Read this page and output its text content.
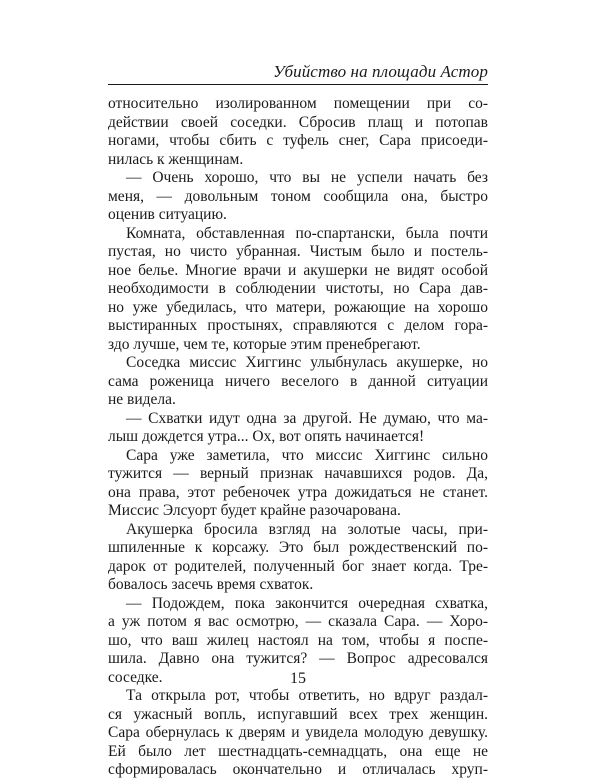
Убийство на площади Астор
относительно изолированном помещении при со-
действии своей соседки. Сбросив плащ и потопав
ногами, чтобы сбить с туфель снег, Сара присоеди-
нилась к женщинам.
— Очень хорошо, что вы не успели начать без
меня, — довольным тоном сообщила она, быстро
оценив ситуацию.
Комната, обставленная по-спартански, была почти
пустая, но чисто убранная. Чистым было и постель-
ное белье. Многие врачи и акушерки не видят особой
необходимости в соблюдении чистоты, но Сара дав-
но уже убедилась, что матери, рожающие на хорошо
выстиранных простынях, справляются с делом гора-
здо лучше, чем те, которые этим пренебрегают.
Соседка миссис Хиггинс улыбнулась акушерке, но
сама роженица ничего веселого в данной ситуации
не видела.
— Схватки идут одна за другой. Не думаю, что ма-
лыш дождется утра... Ох, вот опять начинается!
Сара уже заметила, что миссис Хиггинс сильно
тужится — верный признак начавшихся родов. Да,
она права, этот ребеночек утра дожидаться не станет.
Миссис Элсуорт будет крайне разочарована.
Акушерка бросила взгляд на золотые часы, при-
шпиленные к корсажу. Это был рождественский по-
дарок от родителей, полученный бог знает когда. Тре-
бовалось засечь время схваток.
— Подождем, пока закончится очередная схватка,
а уж потом я вас осмотрю, — сказала Сара. — Хоро-
шо, что ваш жилец настоял на том, чтобы я поспе-
шила. Давно она тужится? — Вопрос адресовался
соседке.
Та открыла рот, чтобы ответить, но вдруг раздал-
ся ужасный вопль, испугавший всех трех женщин.
Сара обернулась к дверям и увидела молодую девушку.
Ей было лет шестнадцать-семнадцать, она еще не
сформировалась окончательно и отличалась хруп-
15
